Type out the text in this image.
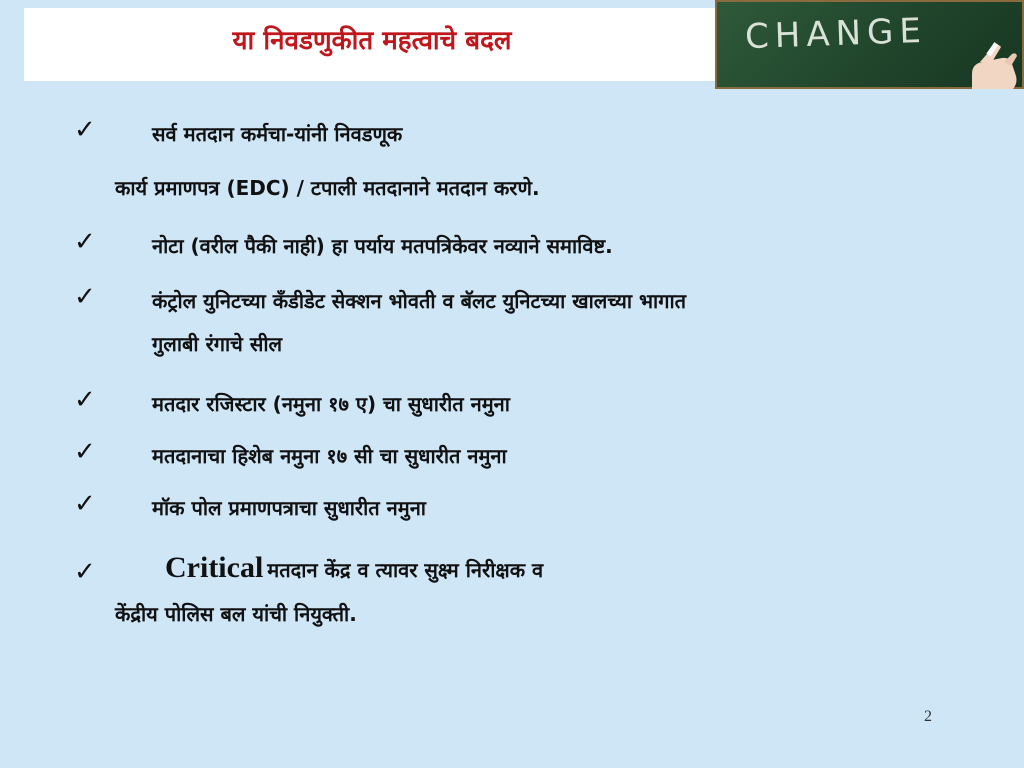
या निवडणुकीत महत्वाचे बदल	CHANGE
✓	सर्व मतदान कर्मचा-यांनी निवडणूक
कार्य प्रमाणपत्र (EDC) / टपाली मतदानाने मतदान करणे.
✓	नोटा (वरील पैकी नाही) हा पर्याय मतपत्रिकेवर नव्याने समाविष्ट.
✓	कंट्रोल युनिटच्या कँडीडेट सेक्शन भोवती व बॅलट युनिटच्या खालच्या भागात
गुलाबी रंगाचे सील
✓	मतदार रजिस्टार (नमुना १७ ए) चा सुधारीत नमुना
✓	मतदानाचा हिशेब नमुना १७ सी चा सुधारीत नमुना
✓	मॉक पोल प्रमाणपत्राचा सुधारीत नमुना
✓ Critical मतदान केंद्र व त्यावर सुक्ष्म निरीक्षक व
केंद्रीय पोलिस बल यांची नियुक्ती.
2
